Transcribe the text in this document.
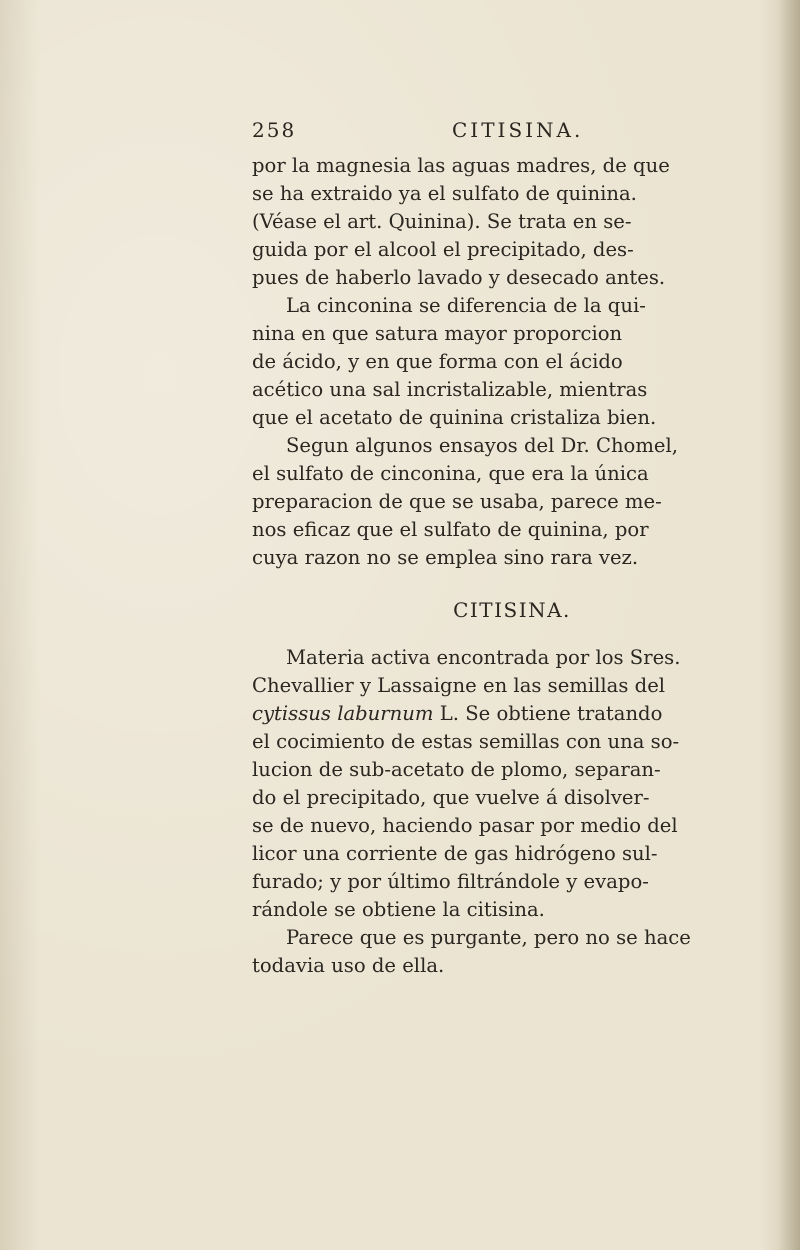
258	CITISINA.

por la magnesia las aguas madres, de que
se ha extraido ya el sulfato de quinina.
(Véase el art. Quinina). Se trata en se-
guida por el alcool el precipitado, des-
pues de haberlo lavado y desecado antes.
La cinconina se diferencia de la qui-
nina en que satura mayor proporcion
de ácido, y en que forma con el ácido
acético una sal incristalizable, mientras
que el acetato de quinina cristaliza bien.
Segun algunos ensayos del Dr. Chomel,
el sulfato de cinconina, que era la única
preparacion de que se usaba, parece me-
nos eficaz que el sulfato de quinina, por
cuya razon no se emplea sino rara vez.

CITISINA.

Materia activa encontrada por los Sres.
Chevallier y Lassaigne en las semillas del
cytissus laburnum L. Se obtiene tratando
el cocimiento de estas semillas con una so-
lucion de sub-acetato de plomo, separan-
do el precipitado, que vuelve á disolver-
se de nuevo, haciendo pasar por medio del
licor una corriente de gas hidrógeno sul-
furado; y por último filtrándole y evapo-
rándole se obtiene la citisina.
Parece que es purgante, pero no se hace
todavia uso de ella.
